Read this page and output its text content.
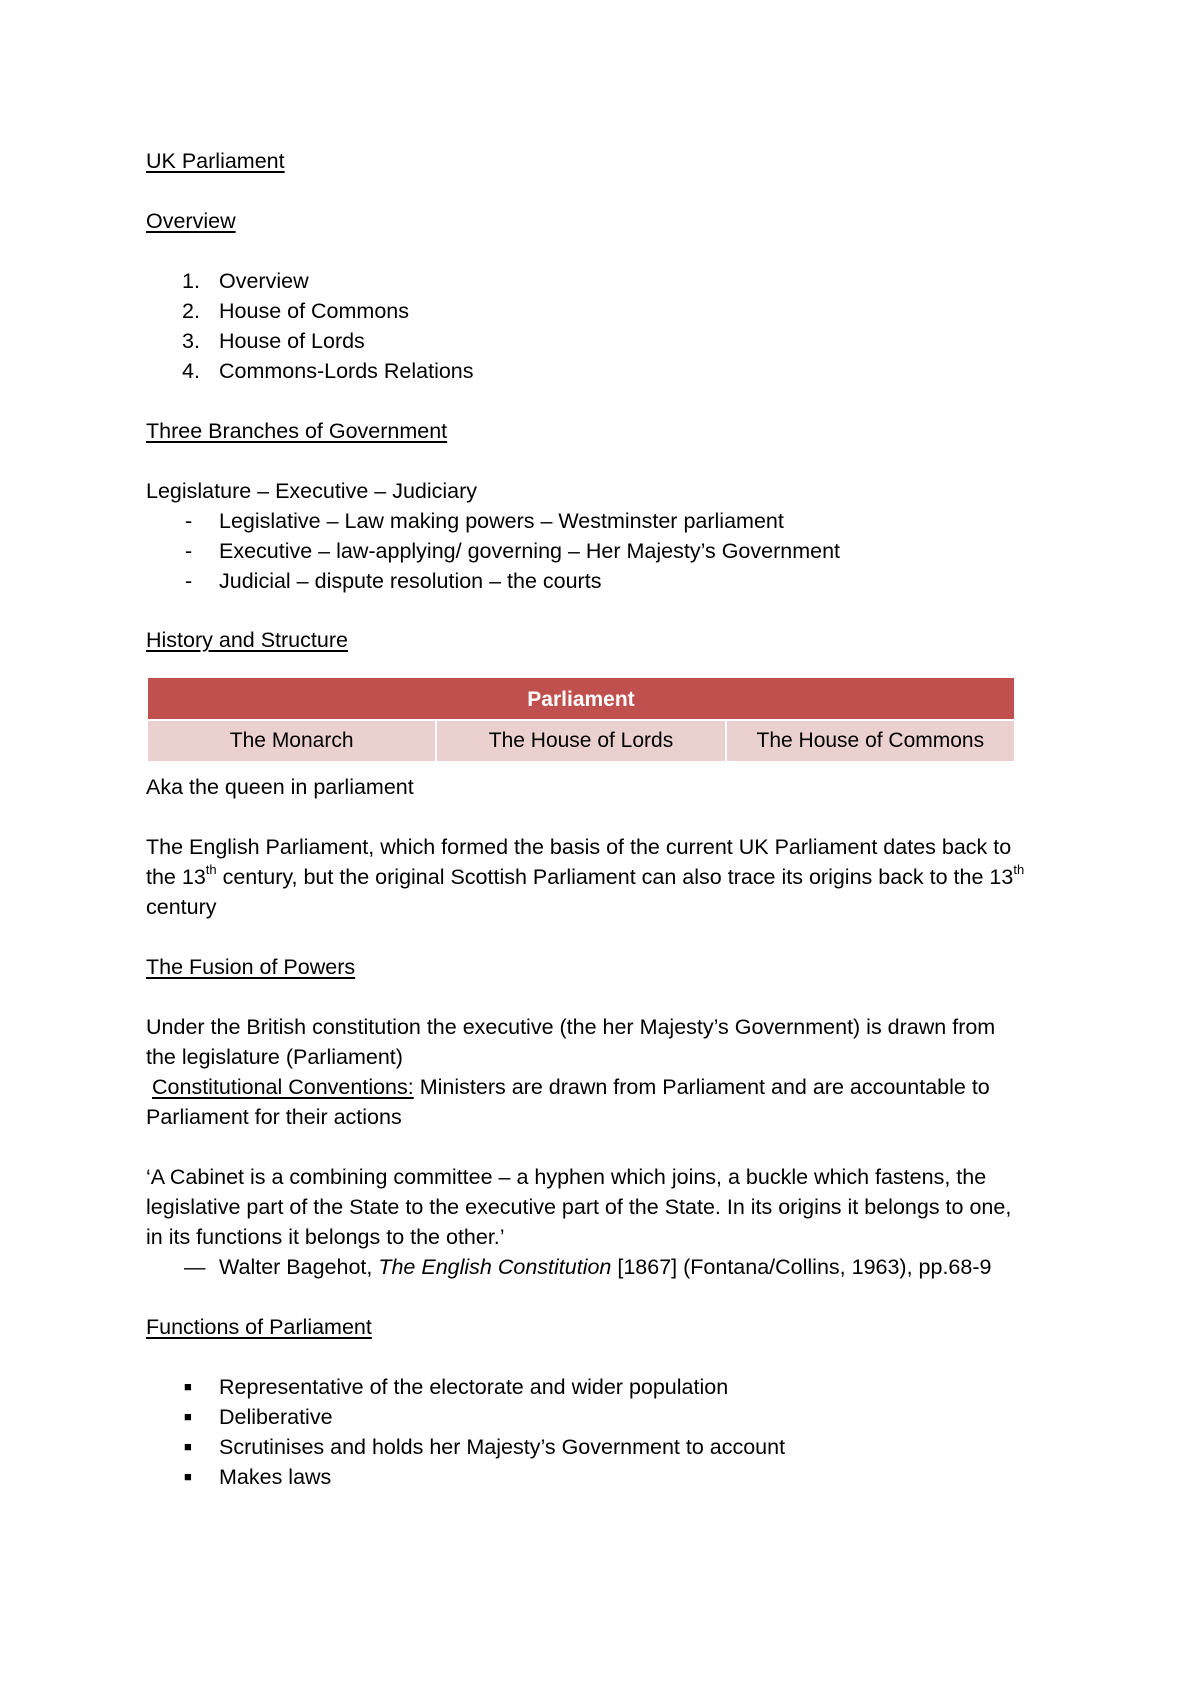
UK Parliament
Overview
1. Overview
2. House of Commons
3. House of Lords
4. Commons-Lords Relations
Three Branches of Government
Legislature – Executive – Judiciary
- Legislative – Law making powers – Westminster parliament
- Executive – law-applying/ governing – Her Majesty’s Government
- Judicial – dispute resolution – the courts
History and Structure
Parliament
The Monarch	The House of Lords	The House of Commons
Aka the queen in parliament
The English Parliament, which formed the basis of the current UK Parliament dates back to
the 13th century, but the original Scottish Parliament can also trace its origins back to the 13th
century
The Fusion of Powers
Under the British constitution the executive (the her Majesty’s Government) is drawn from
the legislature (Parliament)
Constitutional Conventions: Ministers are drawn from Parliament and are accountable to
Parliament for their actions
‘A Cabinet is a combining committee – a hyphen which joins, a buckle which fastens, the
legislative part of the State to the executive part of the State. In its origins it belongs to one,
in its functions it belongs to the other.’
— Walter Bagehot, The English Constitution [1867] (Fontana/Collins, 1963), pp.68-9
Functions of Parliament
■ Representative of the electorate and wider population
■ Deliberative
■ Scrutinises and holds her Majesty’s Government to account
■ Makes laws
